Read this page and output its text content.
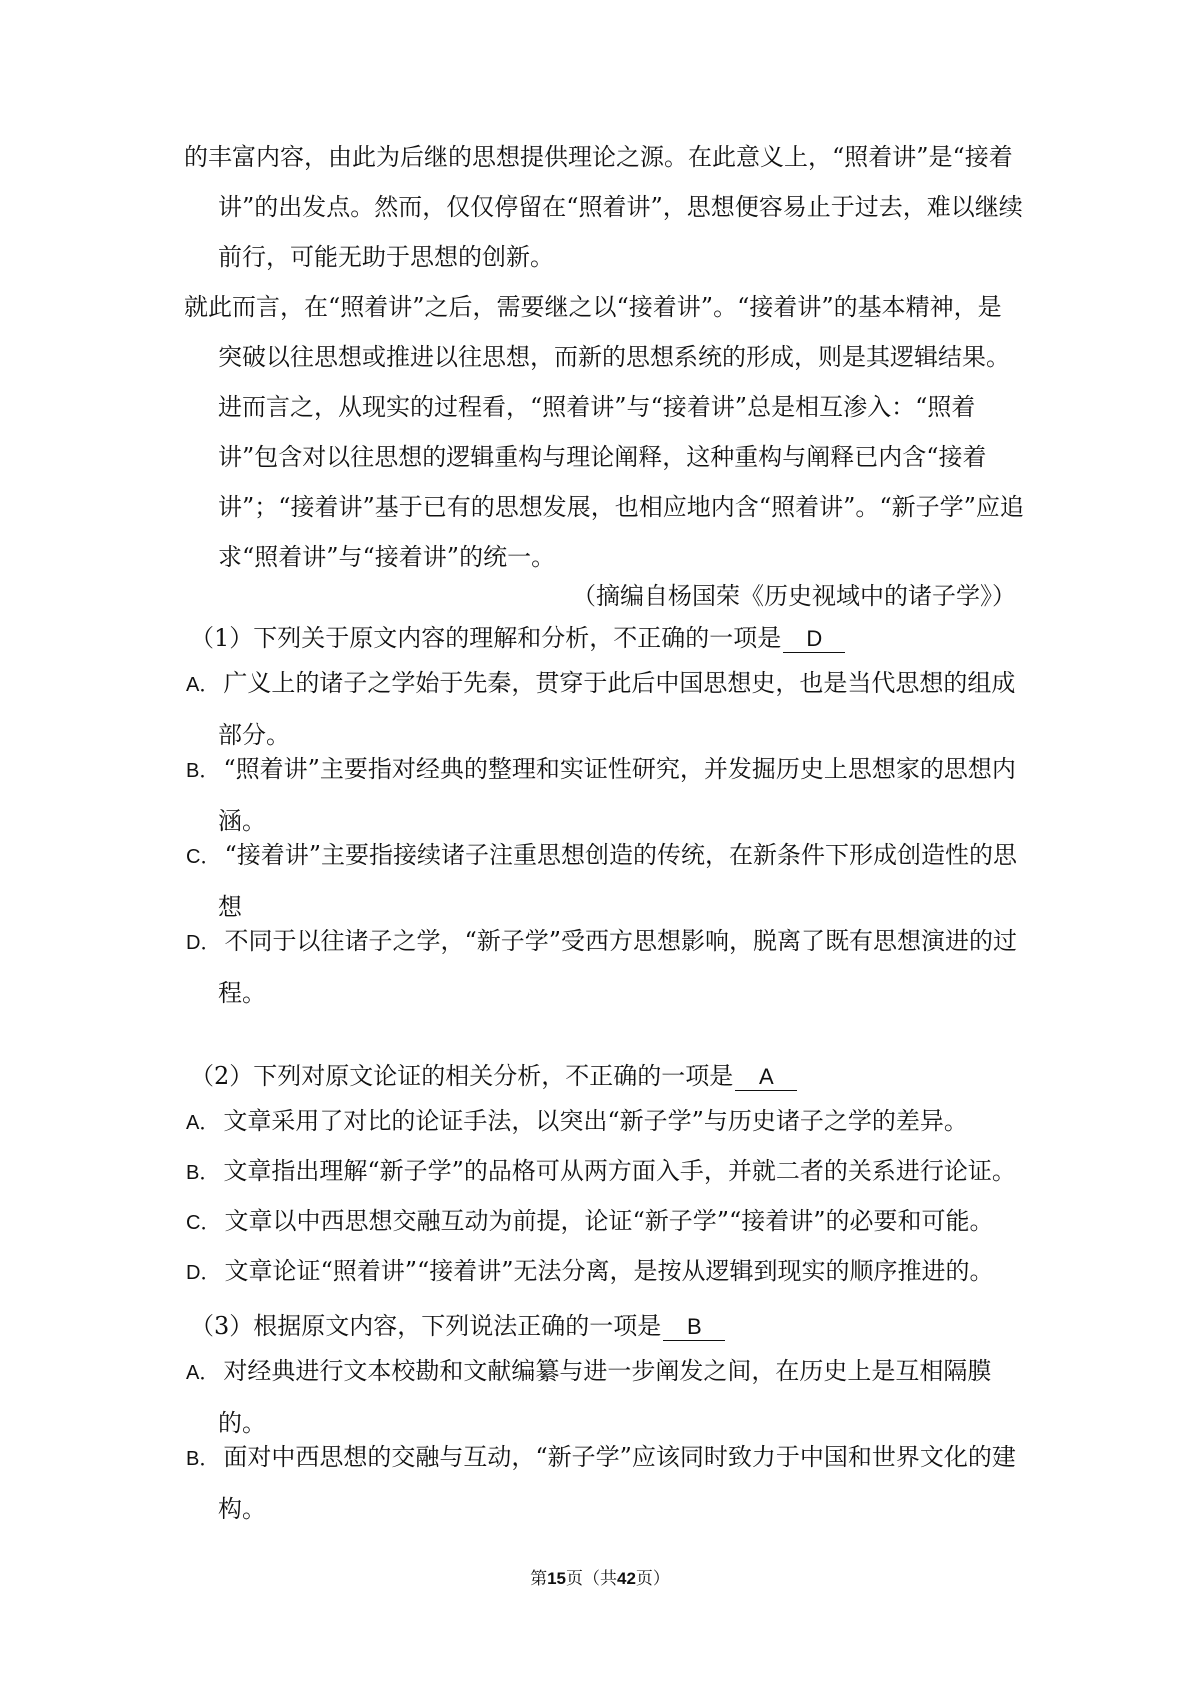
的丰富内容，由此为后继的思想提供理论之源。在此意义上，“照着讲”是“接着讲”的出发点。然而，仅仅停留在“照着讲”，思想便容易止于过去，难以继续前行，可能无助于思想的创新。
就此而言，在“照着讲”之后，需要继之以“接着讲”。“接着讲”的基本精神，是突破以往思想或推进以往思想，而新的思想系统的形成，则是其逻辑结果。进而言之，从现实的过程看，“照着讲”与“接着讲”总是相互渗入：“照着讲”包含对以往思想的逻辑重构与理论阐释，这种重构与阐释已内含“接着讲”；“接着讲”基于已有的思想发展，也相应地内含“照着讲”。“新子学”应追求“照着讲”与“接着讲”的统一。
（摘编自杨国荣《历史视域中的诸子学》）
（1）下列关于原文内容的理解和分析，不正确的一项是 D
A． 广义上的诸子之学始于先秦，贯穿于此后中国思想史，也是当代思想的组成部分。
B． “照着讲”主要指对经典的整理和实证性研究，并发掘历史上思想家的思想内涵。
C． “接着讲”主要指接续诸子注重思想创造的传统，在新条件下形成创造性的思想
D． 不同于以往诸子之学，“新子学”受西方思想影响，脱离了既有思想演进的过程。
（2）下列对原文论证的相关分析，不正确的一项是 A
A． 文章采用了对比的论证手法，以突出“新子学”与历史诸子之学的差异。
B． 文章指出理解“新子学”的品格可从两方面入手，并就二者的关系进行论证。
C． 文章以中西思想交融互动为前提，论证“新子学”“接着讲”的必要和可能。
D． 文章论证“照着讲”“接着讲”无法分离，是按从逻辑到现实的顺序推进的。
（3）根据原文内容，下列说法正确的一项是 B
A． 对经典进行文本校勘和文献编纂与进一步阐发之间，在历史上是互相隔膜的。
B． 面对中西思想的交融与互动，“新子学”应该同时致力于中国和世界文化的建构。
第15页（共42页）
